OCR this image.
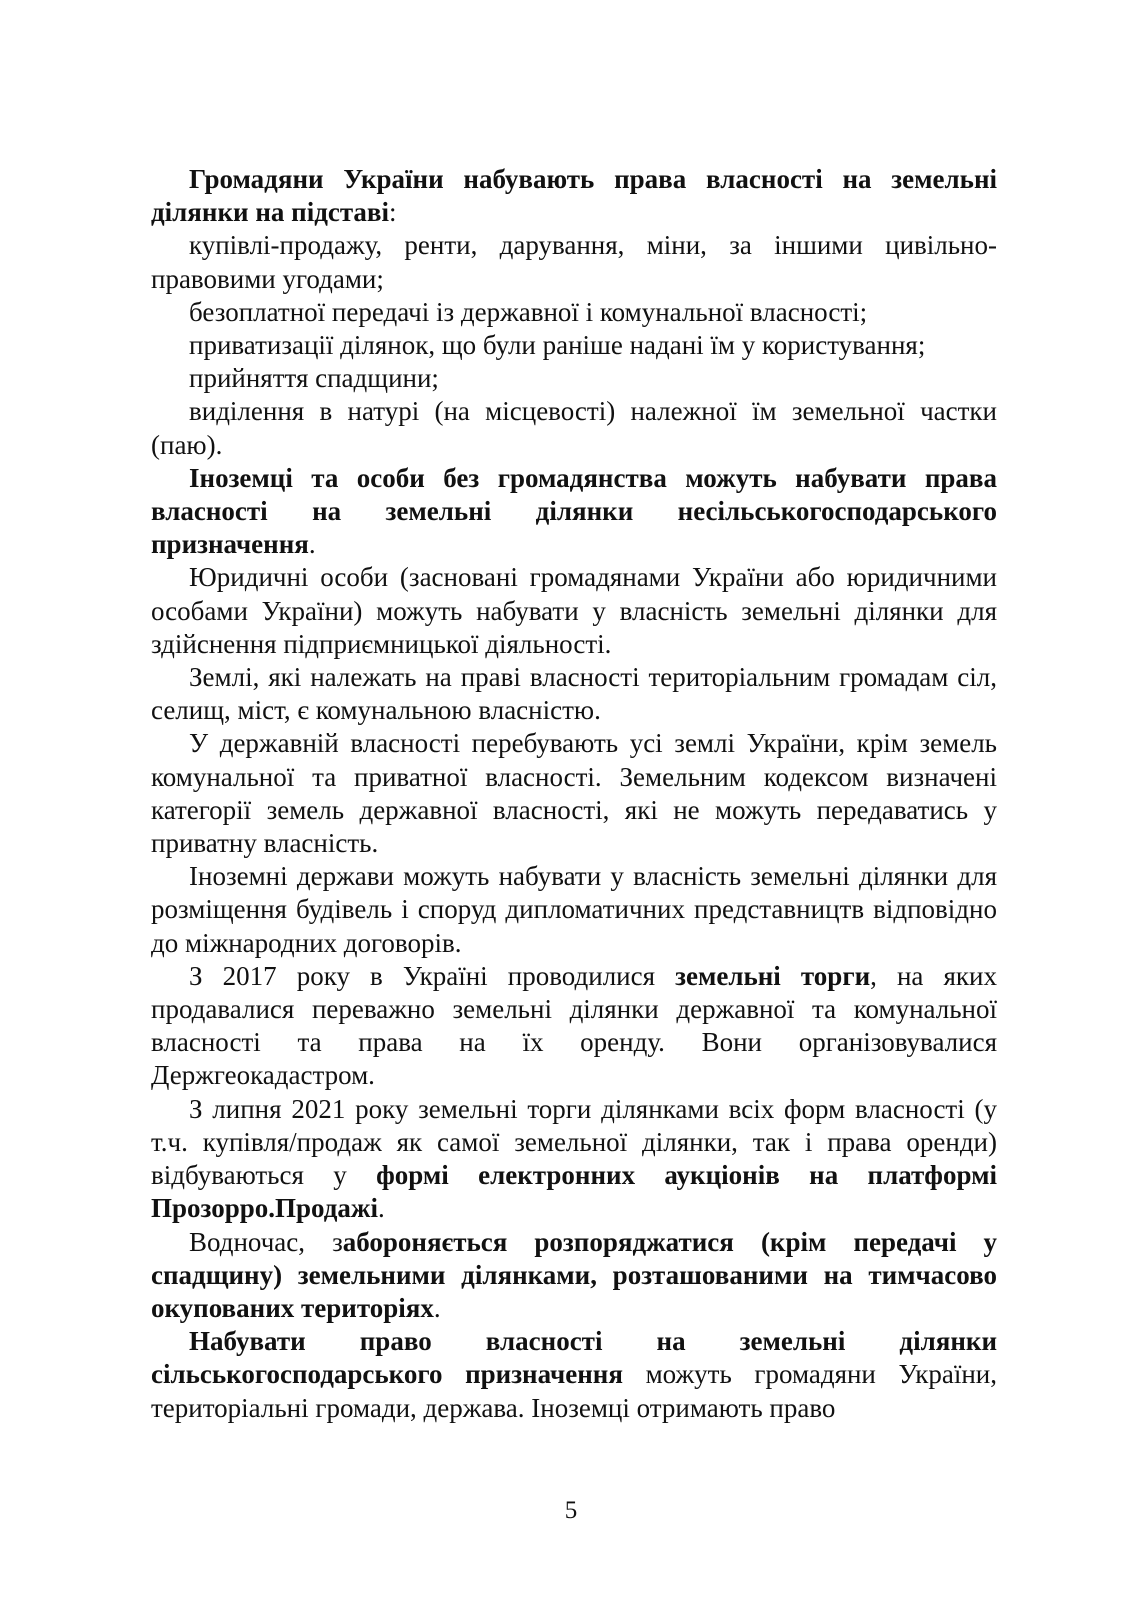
Громадяни України набувають права власності на земельні ділянки на підставі:

купівлі-продажу, ренти, дарування, міни, за іншими цивільно-правовими угодами;

безоплатної передачі із державної і комунальної власності;

приватизації ділянок, що були раніше надані їм у користування;

прийняття спадщини;

виділення в натурі (на місцевості) належної їм земельної частки (паю).

Іноземці та особи без громадянства можуть набувати права власності на земельні ділянки несільськогосподарського призначення.

Юридичні особи (засновані громадянами України або юридичними особами України) можуть набувати у власність земельні ділянки для здійснення підприємницької діяльності.

Землі, які належать на праві власності територіальним громадам сіл, селищ, міст, є комунальною власністю.

У державній власності перебувають усі землі України, крім земель комунальної та приватної власності. Земельним кодексом визначені категорії земель державної власності, які не можуть передаватись у приватну власність.

Іноземні держави можуть набувати у власність земельні ділянки для розміщення будівель і споруд дипломатичних представництв відповідно до міжнародних договорів.

З 2017 року в Україні проводилися земельні торги, на яких продавалися переважно земельні ділянки державної та комунальної власності та права на їх оренду. Вони організовувалися Держгеокадастром.

З липня 2021 року земельні торги ділянками всіх форм власності (у т.ч. купівля/продаж як самої земельної ділянки, так і права оренди) відбуваються у формі електронних аукціонів на платформі Прозорро.Продажі.

Водночас, забороняється розпоряджатися (крім передачі у спадщину) земельними ділянками, розташованими на тимчасово окупованих територіях.

Набувати право власності на земельні ділянки сільськогосподарського призначення можуть громадяни України, територіальні громади, держава. Іноземці отримають право

5
